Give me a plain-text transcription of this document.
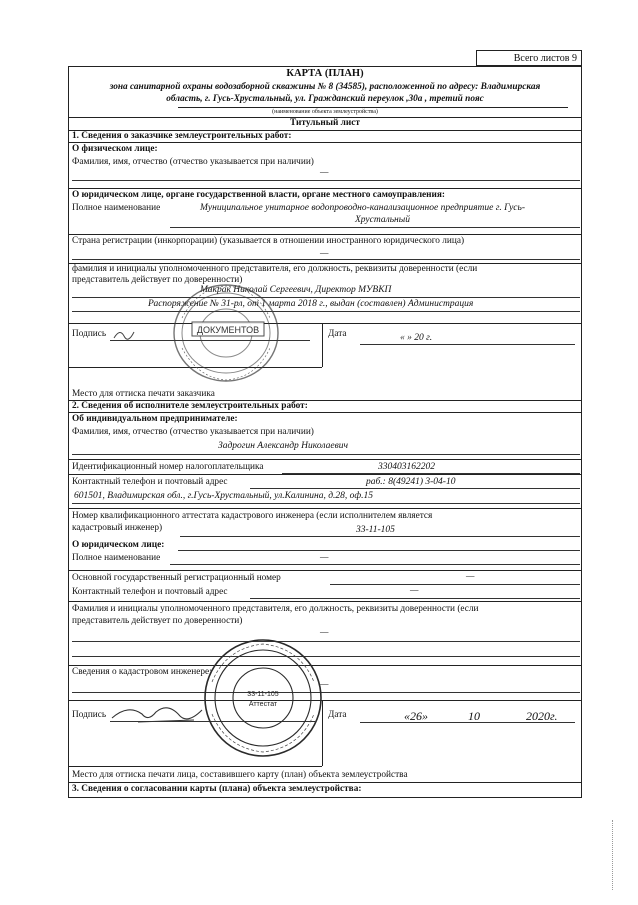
Всего листов 9
КАРТА (ПЛАН)
зона санитарной охраны водозаборной скважины № 8 (34585), расположенной по адресу: Владимирская
область, г. Гусь-Хрустальный, ул. Гражданский переулок ,30а , третий пояс
(наименование объекта землеустройства)
Титульный лист
1. Сведения о заказчике землеустроительных работ:
О физическом лице:
Фамилия, имя, отчество (отчество указывается при наличии)
—
О юридическом лице, органе государственной власти, органе местного самоуправления:
Полное наименование	Муниципальное унитарное водопроводно-канализационное предприятие г. Гусь-
Хрустальный
Страна регистрации (инкорпорации) (указывается в отношении иностранного юридического лица)
—
фамилия и инициалы уполномоченного представителя, его должность, реквизиты доверенности (если
представитель действует по доверенности)
Макрак Николай Сергеевич, Директор МУВКП
Распоряжение № 31-рл, от 1 марта 2018 г., выдан (составлен) Администрация
Подпись	Дата	« » 20 г.
ДОКУМЕНТОВ
Место для оттиска печати заказчика
2. Сведения об исполнителе землеустроительных работ:
Об индивидуальном предпринимателе:
Фамилия, имя, отчество (отчество указывается при наличии)
Задрогин Александр Николаевич
Идентификационный номер налогоплательщика	330403162202
Контактный телефон и почтовый адрес	раб.: 8(49241) 3-04-10
601501, Владимирская обл., г.Гусь-Хрустальный, ул.Калинина, д.28, оф.15
Номер квалификационного аттестата кадастрового инженера (если исполнителем является
кадастровый инженер)	33-11-105
О юридическом лице:
Полное наименование	—
Основной государственный регистрационный номер	—
Контактный телефон и почтовый адрес	—
Фамилия и инициалы уполномоченного представителя, его должность, реквизиты доверенности (если
представитель действует по доверенности)
—
Сведения о кадастровом инженере:
—
Подпись	Дата	«26»	10	2020г.
33-11-105
Аттестат
Место для оттиска печати лица, составившего карту (план) объекта землеустройства
3. Сведения о согласовании карты (плана) объекта землеустройства:
